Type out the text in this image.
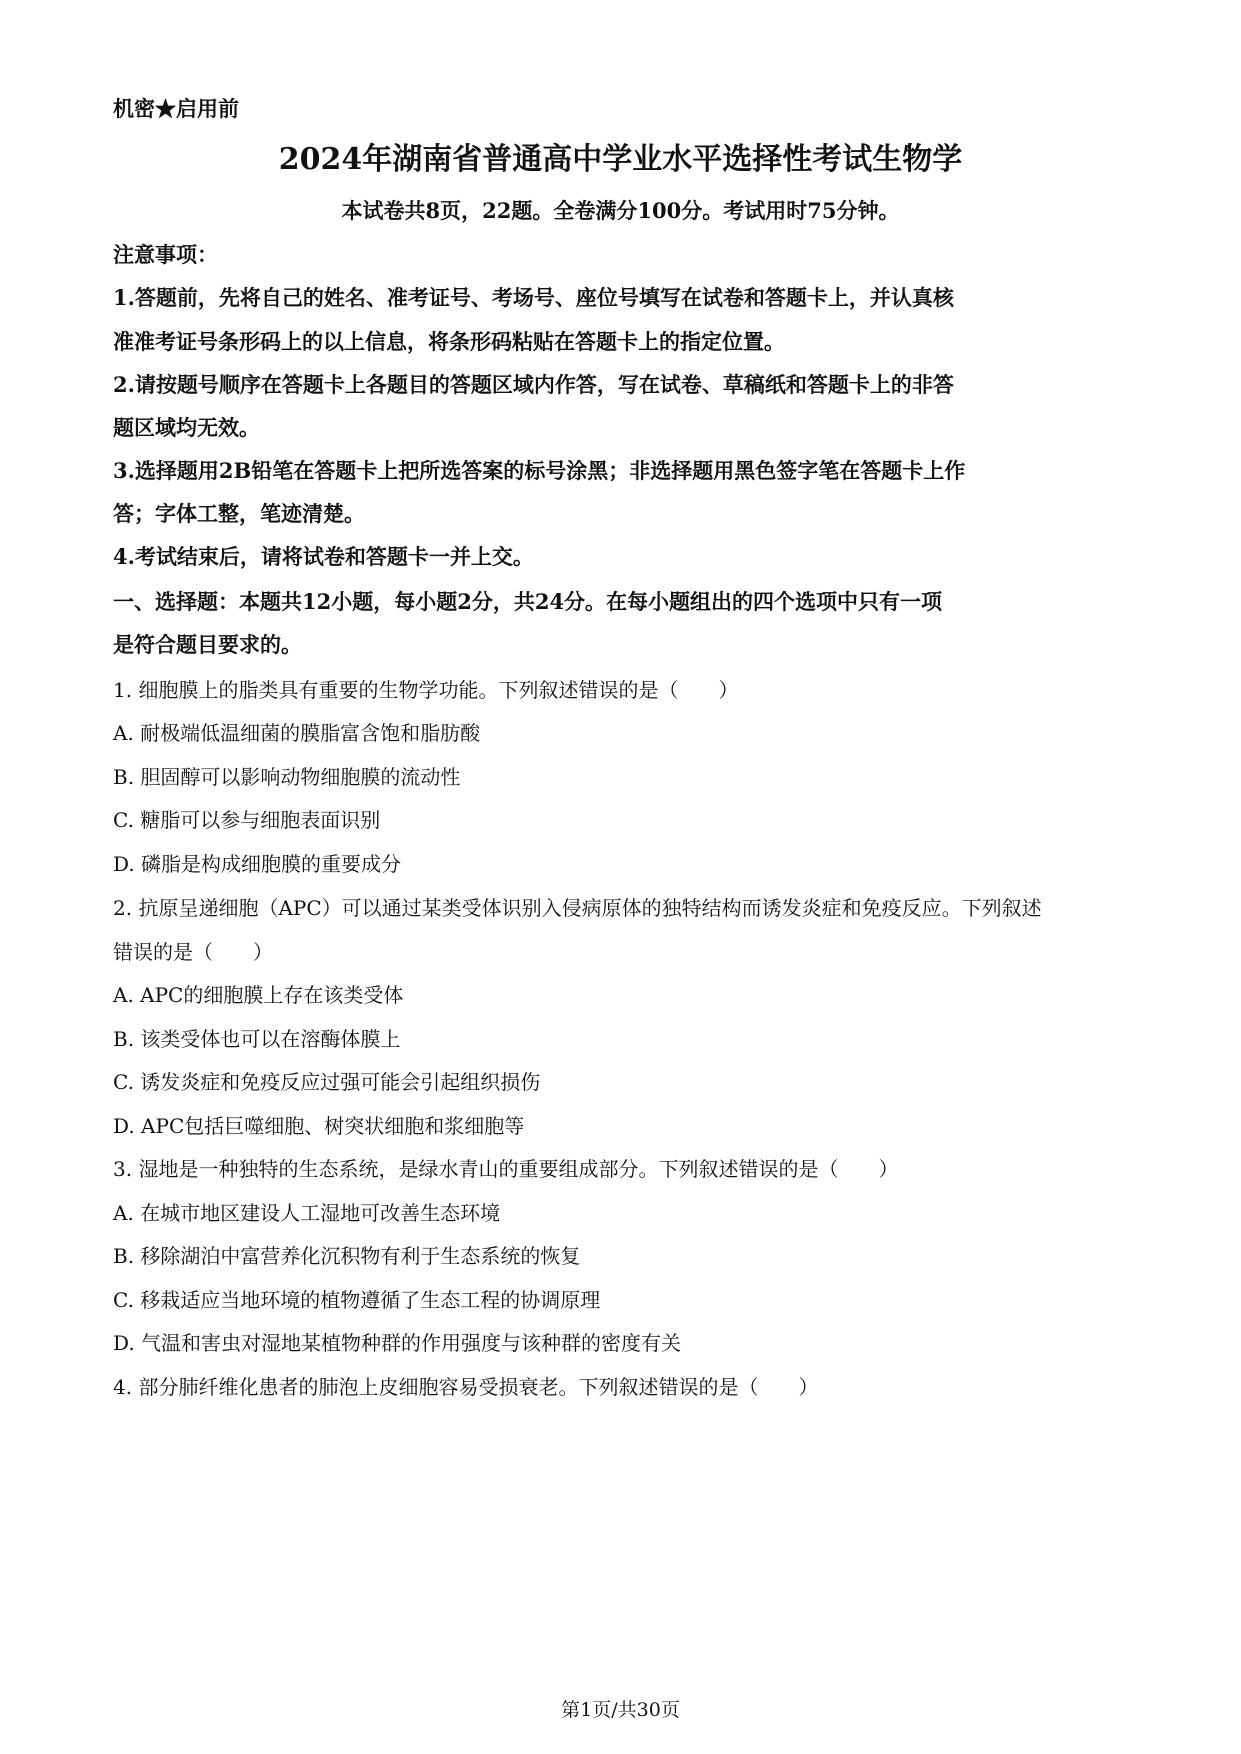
机密★启用前
2024年湖南省普通高中学业水平选择性考试生物学
本试卷共8页，22题。全卷满分100分。考试用时75分钟。
注意事项：
1.答题前，先将自己的姓名、准考证号、考场号、座位号填写在试卷和答题卡上，并认真核
准准考证号条形码上的以上信息，将条形码粘贴在答题卡上的指定位置。
2.请按题号顺序在答题卡上各题目的答题区域内作答，写在试卷、草稿纸和答题卡上的非答
题区域均无效。
3.选择题用2B铅笔在答题卡上把所选答案的标号涂黑；非选择题用黑色签字笔在答题卡上作
答；字体工整，笔迹清楚。
4.考试结束后，请将试卷和答题卡一并上交。
一、选择题：本题共12小题，每小题2分，共24分。在每小题组出的四个选项中只有一项
是符合题目要求的。
1. 细胞膜上的脂类具有重要的生物学功能。下列叙述错误的是（　　）
A. 耐极端低温细菌的膜脂富含饱和脂肪酸
B. 胆固醇可以影响动物细胞膜的流动性
C. 糖脂可以参与细胞表面识别
D. 磷脂是构成细胞膜的重要成分
2. 抗原呈递细胞（APC）可以通过某类受体识别入侵病原体的独特结构而诱发炎症和免疫反应。下列叙述
错误的是（　　）
A. APC的细胞膜上存在该类受体
B. 该类受体也可以在溶酶体膜上
C. 诱发炎症和免疫反应过强可能会引起组织损伤
D. APC包括巨噬细胞、树突状细胞和浆细胞等
3. 湿地是一种独特的生态系统，是绿水青山的重要组成部分。下列叙述错误的是（　　）
A. 在城市地区建设人工湿地可改善生态环境
B. 移除湖泊中富营养化沉积物有利于生态系统的恢复
C. 移栽适应当地环境的植物遵循了生态工程的协调原理
D. 气温和害虫对湿地某植物种群的作用强度与该种群的密度有关
4. 部分肺纤维化患者的肺泡上皮细胞容易受损衰老。下列叙述错误的是（　　）
第1页/共30页
